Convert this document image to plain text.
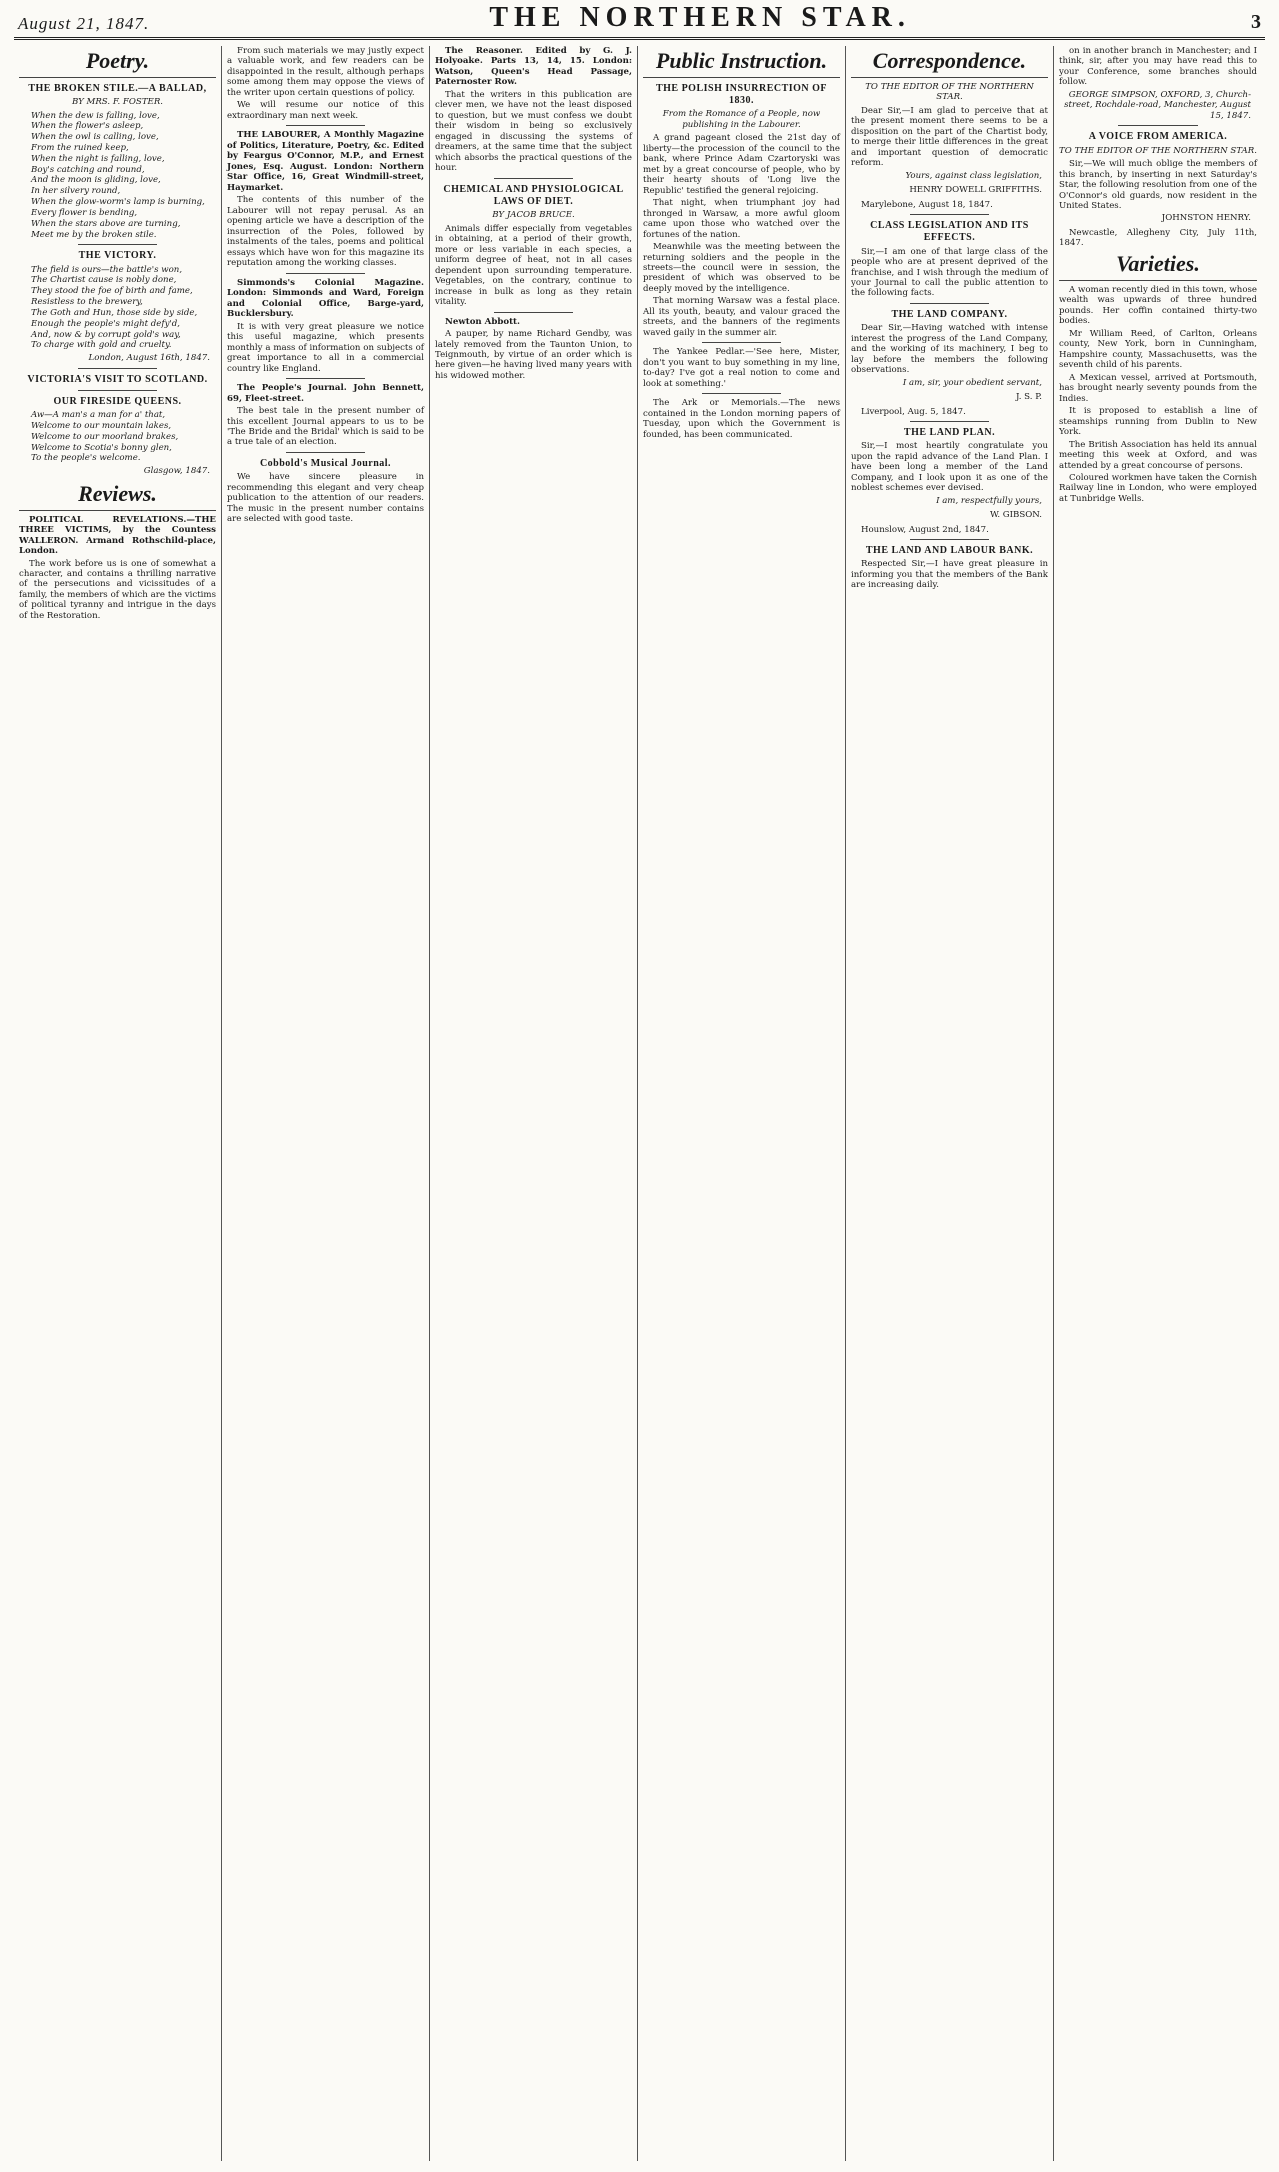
August 21, 1847.	THE NORTHERN STAR.	3
Poetry.
THE BROKEN STILE.—A BALLAD,
BY MRS. F. FOSTER.
When the dew is falling, love,
When the flower's asleep,
When the owl is calling, love,
From the ruined keep,
When the night is falling, love,
Boy's catching and round,
And the moon is gliding, love,
In her silvery round,
When the glow-worm's lamp is burning,
Every flower is bending,
When the stars above are turning,
Meet me by the broken stile.
THE VICTORY.
The field is ours—the battle's won,
The Chartist cause is nobly done,
They stood the foe of birth and fame,
Resistless to the brewery,
The Goth and Hun, those side by side,
Enough the people's might defy'd,
And, now & by corrupt gold's way,
To charge with gold and cruelty.
London, August 16th, 1847.
VICTORIA'S VISIT TO SCOTLAND.
OUR FIRESIDE QUEENS.
Aw—A man's a man for a' that,
Welcome to our mountain lakes,
Welcome to our moorland brakes,
Welcome to Scotia's bonny glen,
To the people's welcome.
Glasgow, 1847.
Reviews.

POLITICAL REVELATIONS.—THE THREE VICTIMS, by the Countess WALLERON. Armand Rothschild-place, London.

The work before us is one of somewhat a character, and contains a thrilling narrative of the persecutions and vicissitudes of a family, the members of which are the victims of political tyranny and intrigue in the days of the Restoration.

From such materials we may justly expect a valuable work, and few readers can be disappointed in the result, although perhaps some among them may oppose the views of the writer upon certain questions of policy.

We will resume our notice of this extraordinary man next week.

THE LABOURER, A Monthly Magazine of Politics, Literature, Poetry, &c. Edited by Feargus O'Connor, M.P., and Ernest Jones, Esq. August. London: Northern Star Office, 16, Great Windmill-street, Haymarket.

The contents of this number of the Labourer will not repay perusal. As an opening article we have a description of the insurrection of the Poles, followed by instalments of the tales, poems and political essays which have won for this magazine its reputation among the working classes.

Simmonds's Colonial Magazine. London: Simmonds and Ward, Foreign and Colonial Office, Barge-yard, Bucklersbury.

It is with very great pleasure we notice this useful magazine, which presents monthly a mass of information on subjects of great importance to all in a commercial country like England.

The People's Journal. John Bennett, 69, Fleet-street.

The best tale in the present number of this excellent Journal appears to us to be 'The Bride and the Bridal' which is said to be a true tale of an election.

Cobbold's Musical Journal.

We have sincere pleasure in recommending this elegant and very cheap publication to the attention of our readers. The music in the present number contains are selected with good taste.

The Reasoner. Edited by G. J. Holyoake. Parts 13, 14, 15. London: Watson, Queen's Head Passage, Paternoster Row.

That the writers in this publication are clever men, we have not the least disposed to question, but we must confess we doubt their wisdom in being so exclusively engaged in discussing the systems of dreamers, at the same time that the subject which absorbs the practical questions of the hour.

CHEMICAL AND PHYSIOLOGICAL LAWS OF DIET.
BY JACOB BRUCE.

Animals differ especially from vegetables in obtaining, at a period of their growth, more or less variable in each species, a uniform degree of heat, not in all cases dependent upon surrounding temperature. Vegetables, on the contrary, continue to increase in bulk as long as they retain vitality.

Newton Abbott.

A pauper, by name Richard Gendby, was lately removed from the Taunton Union, to Teignmouth, by virtue of an order which is here given—he having lived many years with his widowed mother.

Public Instruction.
THE POLISH INSURRECTION OF 1830.
From the Romance of a People, now publishing in the Labourer.

A grand pageant closed the 21st day of liberty—the procession of the council to the bank, where Prince Adam Czartoryski was met by a great concourse of people, who by their hearty shouts of 'Long live the Republic' testified the general rejoicing.

That night, when triumphant joy had thronged in Warsaw, a more awful gloom came upon those who watched over the fortunes of the nation.

Meanwhile was the meeting between the returning soldiers and the people in the streets—the council were in session, the president of which was observed to be deeply moved by the intelligence.

That morning Warsaw was a festal place. All its youth, beauty, and valour graced the streets, and the banners of the regiments waved gaily in the summer air.

The Yankee Pedlar.—'See here, Mister, don't you want to buy something in my line, to-day? I've got a real notion to come and look at something.'

The Ark or Memorials.—The news contained in the London morning papers of Tuesday, upon which the Government is founded, has been communicated.

Correspondence.
TO THE EDITOR OF THE NORTHERN STAR.

Dear Sir,—I am glad to perceive that at the present moment there seems to be a disposition on the part of the Chartist body, to merge their little differences in the great and important question of democratic reform.

Yours, against class legislation,
HENRY DOWELL GRIFFITHS.

Marylebone, August 18, 1847.

CLASS LEGISLATION AND ITS EFFECTS.

Sir,—I am one of that large class of the people who are at present deprived of the franchise, and I wish through the medium of your Journal to call the public attention to the following facts.

THE LAND COMPANY.

Dear Sir,—Having watched with intense interest the progress of the Land Company, and the working of its machinery, I beg to lay before the members the following observations.

I am, sir, your obedient servant,
J. S. P.

Liverpool, Aug. 5, 1847.

THE LAND PLAN.

Sir,—I most heartily congratulate you upon the rapid advance of the Land Plan. I have been long a member of the Land Company, and I look upon it as one of the noblest schemes ever devised.

I am, respectfully yours,
W. GIBSON.

Hounslow, August 2nd, 1847.

THE LAND AND LABOUR BANK.

Respected Sir,—I have great pleasure in informing you that the members of the Bank are increasing daily.

on in another branch in Manchester; and I think, sir, after you may have read this to your Conference, some branches should follow.

GEORGE SIMPSON, OXFORD, 3, Church-street, Rochdale-road, Manchester, August 15, 1847.
A VOICE FROM AMERICA.
TO THE EDITOR OF THE NORTHERN STAR.

Sir,—We will much oblige the members of this branch, by inserting in next Saturday's Star, the following resolution from one of the O'Connor's old guards, now resident in the United States.

JOHNSTON HENRY.

Newcastle, Allegheny City, July 11th, 1847.

Varieties.

A woman recently died in this town, whose wealth was upwards of three hundred pounds. Her coffin contained thirty-two bodies.

Mr William Reed, of Carlton, Orleans county, New York, born in Cunningham, Hampshire county, Massachusetts, was the seventh child of his parents.

A Mexican vessel, arrived at Portsmouth, has brought nearly seventy pounds from the Indies.

It is proposed to establish a line of steamships running from Dublin to New York.

The British Association has held its annual meeting this week at Oxford, and was attended by a great concourse of persons.

Coloured workmen have taken the Cornish Railway line in London, who were employed at Tunbridge Wells.
